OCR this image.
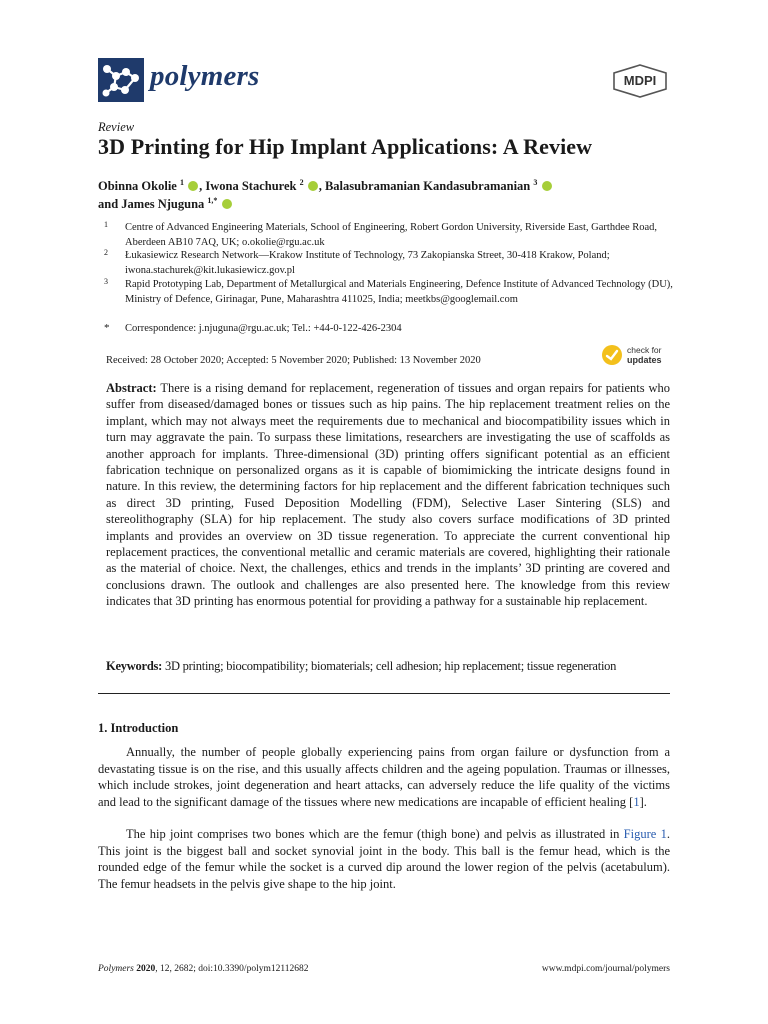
polymers	MDPI
Review
3D Printing for Hip Implant Applications: A Review
Obinna Okolie $^1$ , Iwona Stachurek $^2$ , Balasubramanian Kandasubramanian $^3$
and James Njuguna $^{1,*}$
1 Centre of Advanced Engineering Materials, School of Engineering, Robert Gordon University, Riverside East, Garthdee Road, Aberdeen AB10 7AQ, UK; o.okolie@rgu.ac.uk
2 Łukasiewicz Research Network—Krakow Institute of Technology, 73 Zakopianska Street, 30-418 Krakow, Poland; iwona.stachurek@kit.lukasiewicz.gov.pl
3 Rapid Prototyping Lab, Department of Metallurgical and Materials Engineering, Defence Institute of Advanced Technology (DU), Ministry of Defence, Girinagar, Pune, Maharashtra 411025, India; meetkbs@googlemail.com
* Correspondence: j.njuguna@rgu.ac.uk; Tel.: +44-0-122-426-2304
Received: 28 October 2020; Accepted: 5 November 2020; Published: 13 November 2020
check for
updates
Abstract: There is a rising demand for replacement, regeneration of tissues and organ repairs for patients who suffer from diseased/damaged bones or tissues such as hip pains. The hip replacement treatment relies on the implant, which may not always meet the requirements due to mechanical and biocompatibility issues which in turn may aggravate the pain. To surpass these limitations, researchers are investigating the use of scaffolds as another approach for implants. Three-dimensional (3D) printing offers significant potential as an efficient fabrication technique on personalized organs as it is capable of biomimicking the intricate designs found in nature. In this review, the determining factors for hip replacement and the different fabrication techniques such as direct 3D printing, Fused Deposition Modelling (FDM), Selective Laser Sintering (SLS) and stereolithography (SLA) for hip replacement. The study also covers surface modifications of 3D printed implants and provides an overview on 3D tissue regeneration. To appreciate the current conventional hip replacement practices, the conventional metallic and ceramic materials are covered, highlighting their rationale as the material of choice. Next, the challenges, ethics and trends in the implants’ 3D printing are covered and conclusions drawn. The outlook and challenges are also presented here. The knowledge from this review indicates that 3D printing has enormous potential for providing a pathway for a sustainable hip replacement.
Keywords: 3D printing; biocompatibility; biomaterials; cell adhesion; hip replacement; tissue regeneration
1. Introduction
Annually, the number of people globally experiencing pains from organ failure or dysfunction from a devastating tissue is on the rise, and this usually affects children and the ageing population. Traumas or illnesses, which include strokes, joint degeneration and heart attacks, can adversely reduce the life quality of the victims and lead to the significant damage of the tissues where new medications are incapable of efficient healing [1].
The hip joint comprises two bones which are the femur (thigh bone) and pelvis as illustrated in Figure 1. This joint is the biggest ball and socket synovial joint in the body. This ball is the femur head, which is the rounded edge of the femur while the socket is a curved dip around the lower region of the pelvis (acetabulum). The femur headsets in the pelvis give shape to the hip joint.
Polymers 2020, 12, 2682; doi:10.3390/polym12112682	www.mdpi.com/journal/polymers
